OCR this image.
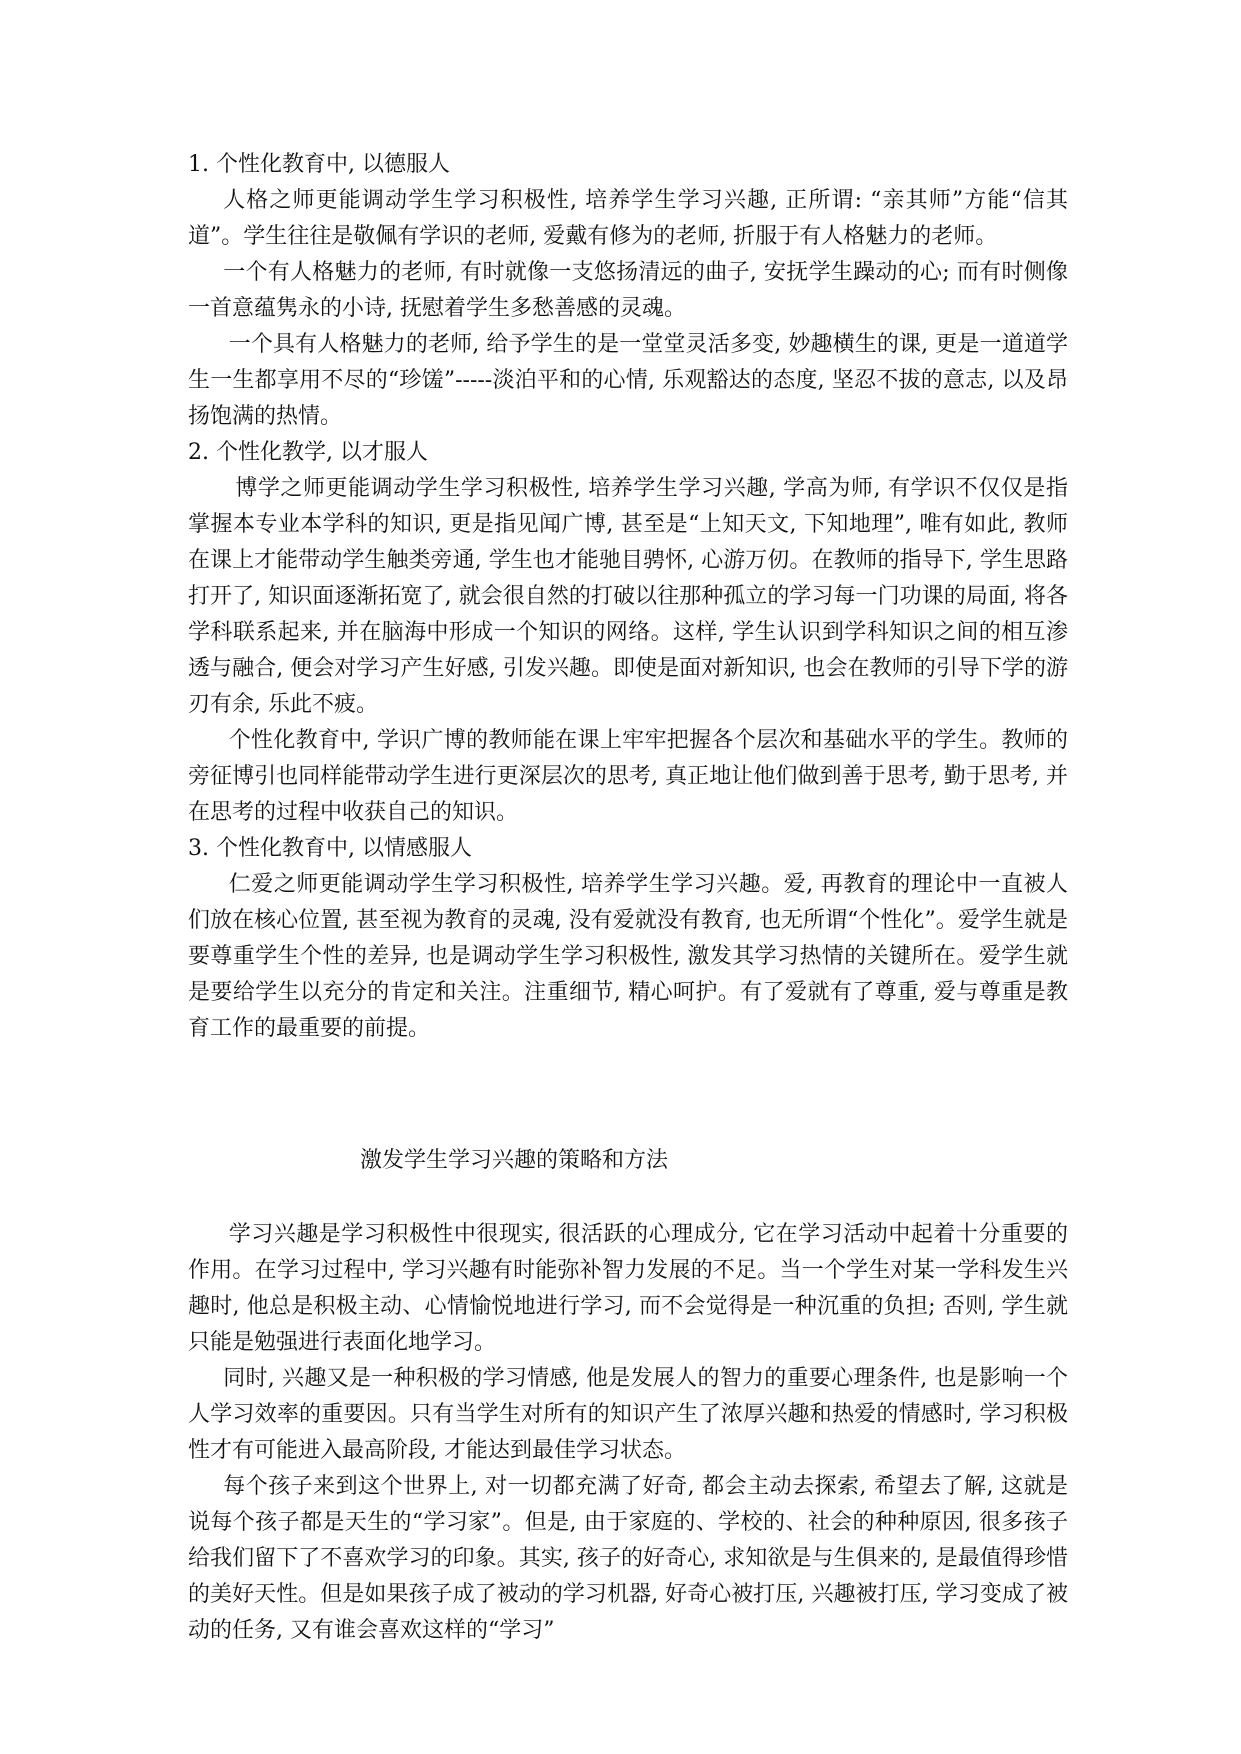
1. 个性化教育中, 以德服人

人格之师更能调动学生学习积极性, 培养学生学习兴趣, 正所谓: “亲其师”方能“信其道”。学生往往是敬佩有学识的老师, 爱戴有修为的老师, 折服于有人格魅力的老师。

一个有人格魅力的老师, 有时就像一支悠扬清远的曲子, 安抚学生躁动的心; 而有时侧像一首意蕴隽永的小诗, 抚慰着学生多愁善感的灵魂。

一个具有人格魅力的老师, 给予学生的是一堂堂灵活多变, 妙趣横生的课, 更是一道道学生一生都享用不尽的“珍馐”-----淡泊平和的心情, 乐观豁达的态度, 坚忍不拔的意志, 以及昂扬饱满的热情。

2. 个性化教学, 以才服人

博学之师更能调动学生学习积极性, 培养学生学习兴趣, 学高为师, 有学识不仅仅是指掌握本专业本学科的知识, 更是指见闻广博, 甚至是“上知天文, 下知地理”, 唯有如此, 教师在课上才能带动学生触类旁通, 学生也才能驰目骋怀, 心游万仞。在教师的指导下, 学生思路打开了, 知识面逐渐拓宽了, 就会很自然的打破以往那种孤立的学习每一门功课的局面, 将各学科联系起来, 并在脑海中形成一个知识的网络。这样, 学生认识到学科知识之间的相互渗透与融合, 便会对学习产生好感, 引发兴趣。即使是面对新知识, 也会在教师的引导下学的游刃有余, 乐此不疲。

个性化教育中, 学识广博的教师能在课上牢牢把握各个层次和基础水平的学生。教师的旁征博引也同样能带动学生进行更深层次的思考, 真正地让他们做到善于思考, 勤于思考, 并在思考的过程中收获自己的知识。

3. 个性化教育中, 以情感服人

仁爱之师更能调动学生学习积极性, 培养学生学习兴趣。爱, 再教育的理论中一直被人们放在核心位置, 甚至视为教育的灵魂, 没有爱就没有教育, 也无所谓“个性化”。爱学生就是要尊重学生个性的差异, 也是调动学生学习积极性, 激发其学习热情的关键所在。爱学生就是要给学生以充分的肯定和关注。注重细节, 精心呵护。有了爱就有了尊重, 爱与尊重是教育工作的最重要的前提。

激发学生学习兴趣的策略和方法

学习兴趣是学习积极性中很现实, 很活跃的心理成分, 它在学习活动中起着十分重要的作用。在学习过程中, 学习兴趣有时能弥补智力发展的不足。当一个学生对某一学科发生兴趣时, 他总是积极主动、心情愉悦地进行学习, 而不会觉得是一种沉重的负担; 否则, 学生就只能是勉强进行表面化地学习。

同时, 兴趣又是一种积极的学习情感, 他是发展人的智力的重要心理条件, 也是影响一个人学习效率的重要因。只有当学生对所有的知识产生了浓厚兴趣和热爱的情感时, 学习积极性才有可能进入最高阶段, 才能达到最佳学习状态。

每个孩子来到这个世界上, 对一切都充满了好奇, 都会主动去探索, 希望去了解, 这就是说每个孩子都是天生的“学习家”。但是, 由于家庭的、学校的、社会的种种原因, 很多孩子给我们留下了不喜欢学习的印象。其实, 孩子的好奇心, 求知欲是与生俱来的, 是最值得珍惜的美好天性。但是如果孩子成了被动的学习机器, 好奇心被打压, 兴趣被打压, 学习变成了被动的任务, 又有谁会喜欢这样的“学习”
